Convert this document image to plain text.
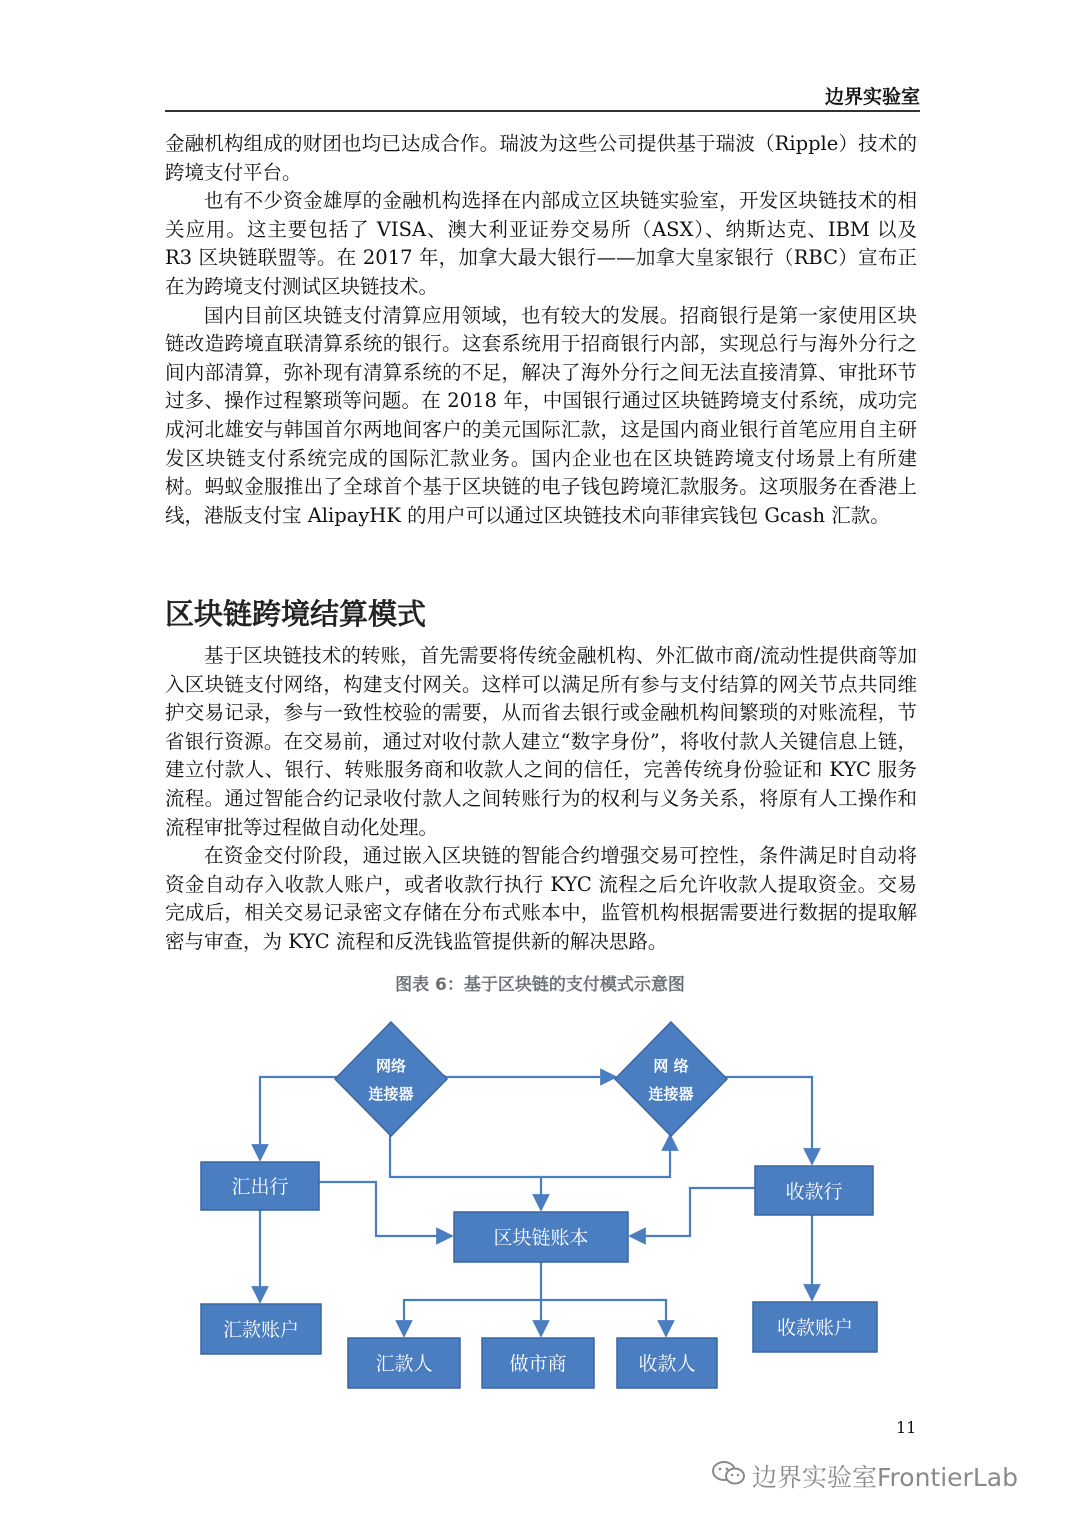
边界实验室

金融机构组成的财团也均已达成合作。瑞波为这些公司提供基于瑞波（Ripple）技术的跨境支付平台。

也有不少资金雄厚的金融机构选择在内部成立区块链实验室，开发区块链技术的相关应用。这主要包括了 VISA、澳大利亚证券交易所（ASX）、纳斯达克、IBM 以及 R3 区块链联盟等。在 2017 年，加拿大最大银行——加拿大皇家银行（RBC）宣布正在为跨境支付测试区块链技术。

国内目前区块链支付清算应用领域，也有较大的发展。招商银行是第一家使用区块链改造跨境直联清算系统的银行。这套系统用于招商银行内部，实现总行与海外分行之间内部清算，弥补现有清算系统的不足，解决了海外分行之间无法直接清算、审批环节过多、操作过程繁琐等问题。在 2018 年，中国银行通过区块链跨境支付系统，成功完成河北雄安与韩国首尔两地间客户的美元国际汇款，这是国内商业银行首笔应用自主研发区块链支付系统完成的国际汇款业务。国内企业也在区块链跨境支付场景上有所建树。蚂蚁金服推出了全球首个基于区块链的电子钱包跨境汇款服务。这项服务在香港上线，港版支付宝 AlipayHK 的用户可以通过区块链技术向菲律宾钱包 Gcash 汇款。

区块链跨境结算模式

基于区块链技术的转账，首先需要将传统金融机构、外汇做市商/流动性提供商等加入区块链支付网络，构建支付网关。这样可以满足所有参与支付结算的网关节点共同维护交易记录，参与一致性校验的需要，从而省去银行或金融机构间繁琐的对账流程，节省银行资源。在交易前，通过对收付款人建立“数字身份”，将收付款人关键信息上链，建立付款人、银行、转账服务商和收款人之间的信任，完善传统身份验证和 KYC 服务流程。通过智能合约记录收付款人之间转账行为的权利与义务关系，将原有人工操作和流程审批等过程做自动化处理。

在资金交付阶段，通过嵌入区块链的智能合约增强交易可控性，条件满足时自动将资金自动存入收款人账户，或者收款行执行 KYC 流程之后允许收款人提取资金。交易完成后，相关交易记录密文存储在分布式账本中，监管机构根据需要进行数据的提取解密与审查，为 KYC 流程和反洗钱监管提供新的解决思路。

图表 6：基于区块链的支付模式示意图
网络
连接器
网 络
连接器
汇出行	收款行
区块链账本
汇款账户	收款账户
汇款人	做市商	收款人
11
边界实验室FrontierLab
